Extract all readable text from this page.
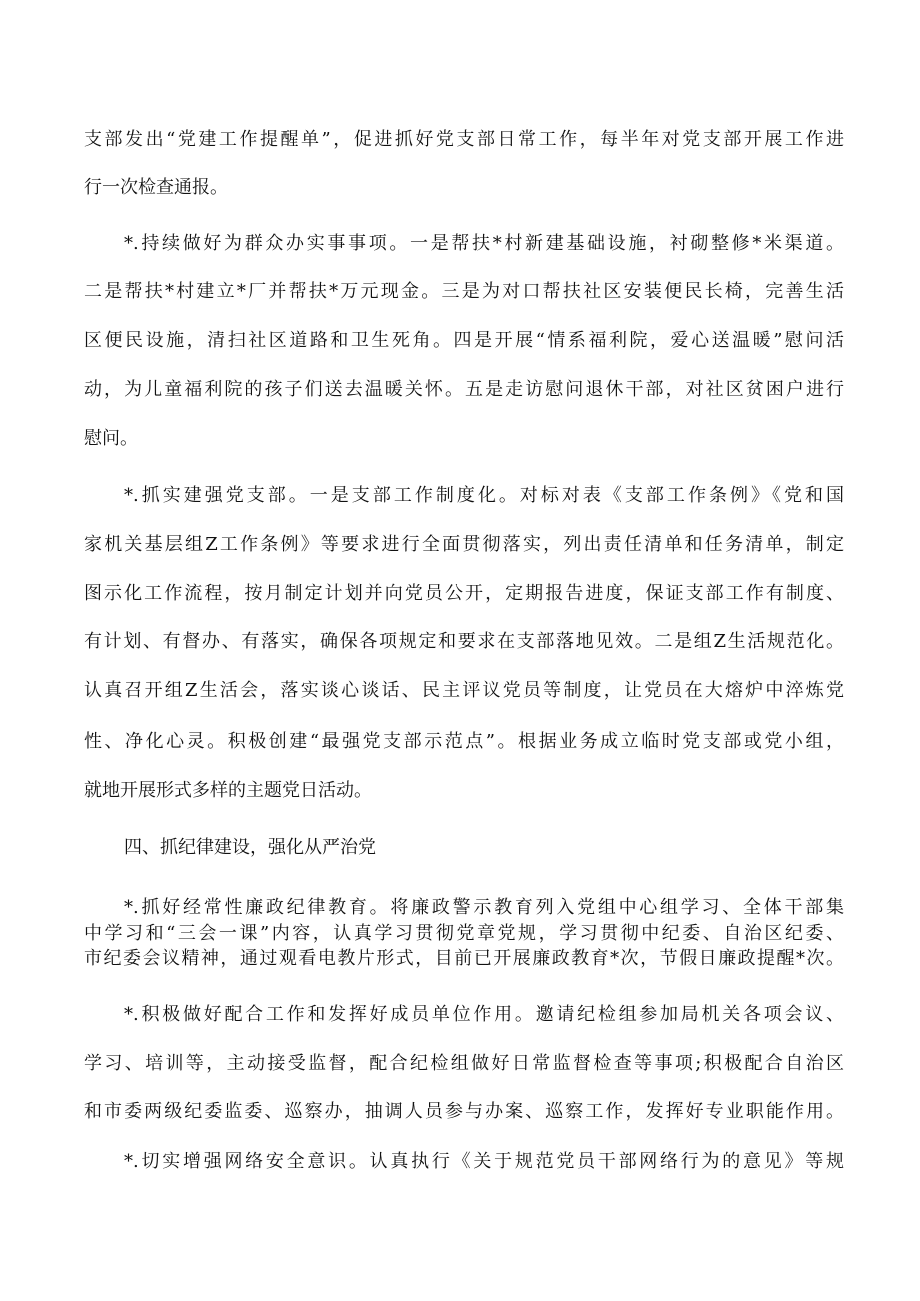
支部发出“党建工作提醒单”，促进抓好党支部日常工作，每半年对党支部开展工作进
行一次检查通报。
*.持续做好为群众办实事事项。一是帮扶*村新建基础设施，衬砌整修*米渠道。
二是帮扶*村建立*厂并帮扶*万元现金。三是为对口帮扶社区安装便民长椅，完善生活
区便民设施，清扫社区道路和卫生死角。四是开展“情系福利院，爱心送温暖”慰问活
动，为儿童福利院的孩子们送去温暖关怀。五是走访慰问退休干部，对社区贫困户进行
慰问。
*.抓实建强党支部。一是支部工作制度化。对标对表《支部工作条例》《党和国
家机关基层组Z工作条例》等要求进行全面贯彻落实，列出责任清单和任务清单，制定
图示化工作流程，按月制定计划并向党员公开，定期报告进度，保证支部工作有制度、
有计划、有督办、有落实，确保各项规定和要求在支部落地见效。二是组Z生活规范化。
认真召开组Z生活会，落实谈心谈话、民主评议党员等制度，让党员在大熔炉中淬炼党
性、净化心灵。积极创建“最强党支部示范点”。根据业务成立临时党支部或党小组，
就地开展形式多样的主题党日活动。
四、抓纪律建设，强化从严治党
*.抓好经常性廉政纪律教育。将廉政警示教育列入党组中心组学习、全体干部集
中学习和“三会一课”内容，认真学习贯彻党章党规，学习贯彻中纪委、自治区纪委、
市纪委会议精神，通过观看电教片形式，目前已开展廉政教育*次，节假日廉政提醒*次。
*.积极做好配合工作和发挥好成员单位作用。邀请纪检组参加局机关各项会议、
学习、培训等，主动接受监督，配合纪检组做好日常监督检查等事项;积极配合自治区
和市委两级纪委监委、巡察办，抽调人员参与办案、巡察工作，发挥好专业职能作用。
*.切实增强网络安全意识。认真执行《关于规范党员干部网络行为的意见》等规
